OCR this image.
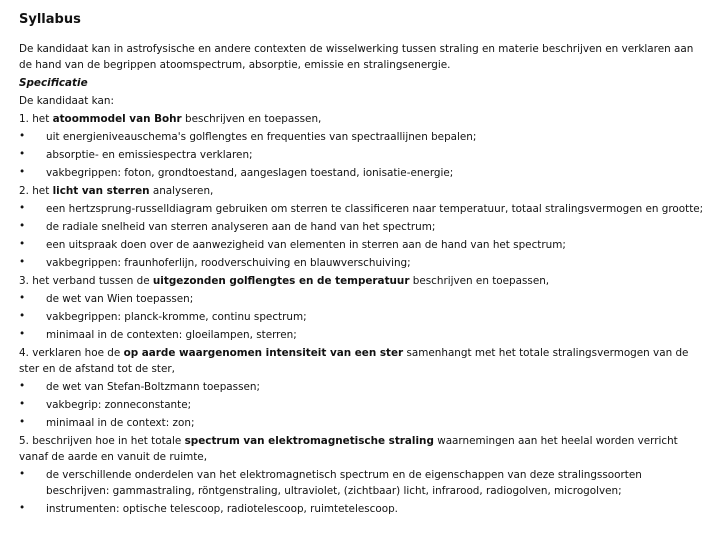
Syllabus

De kandidaat kan in astrofysische en andere contexten de wisselwerking tussen straling en materie beschrijven en verklaren aan de hand van de begrippen atoomspectrum, absorptie, emissie en stralingsenergie.

Specificatie

De kandidaat kan:

1. het atoommodel van Bohr beschrijven en toepassen,

•	uit energieniveauschema's golflengtes en frequenties van spectraallijnen bepalen;

•	absorptie- en emissiespectra verklaren;

•	vakbegrippen: foton, grondtoestand, aangeslagen toestand, ionisatie-energie;

2. het licht van sterren analyseren,

•	een hertzsprung-russelldiagram gebruiken om sterren te classificeren naar temperatuur, totaal stralingsvermogen en grootte;

•	de radiale snelheid van sterren analyseren aan de hand van het spectrum;

•	een uitspraak doen over de aanwezigheid van elementen in sterren aan de hand van het spectrum;

•	vakbegrippen: fraunhoferlijn, roodverschuiving en blauwverschuiving;

3. het verband tussen de uitgezonden golflengtes en de temperatuur beschrijven en toepassen,

•	de wet van Wien toepassen;

•	vakbegrippen: planck-kromme, continu spectrum;

•	minimaal in de contexten: gloeilampen, sterren;

4. verklaren hoe de op aarde waargenomen intensiteit van een ster samenhangt met het totale stralingsvermogen van de ster en de afstand tot de ster,

•	de wet van Stefan-Boltzmann toepassen;

•	vakbegrip: zonneconstante;

•	minimaal in de context: zon;

5. beschrijven hoe in het totale spectrum van elektromagnetische straling waarnemingen aan het heelal worden verricht vanaf de aarde en vanuit de ruimte,

•	de verschillende onderdelen van het elektromagnetisch spectrum en de eigenschappen van deze stralingssoorten beschrijven: gammastraling, röntgenstraling, ultraviolet, (zichtbaar) licht, infrarood, radiogolven, microgolven;

•	instrumenten: optische telescoop, radiotelescoop, ruimtetelescoop.
